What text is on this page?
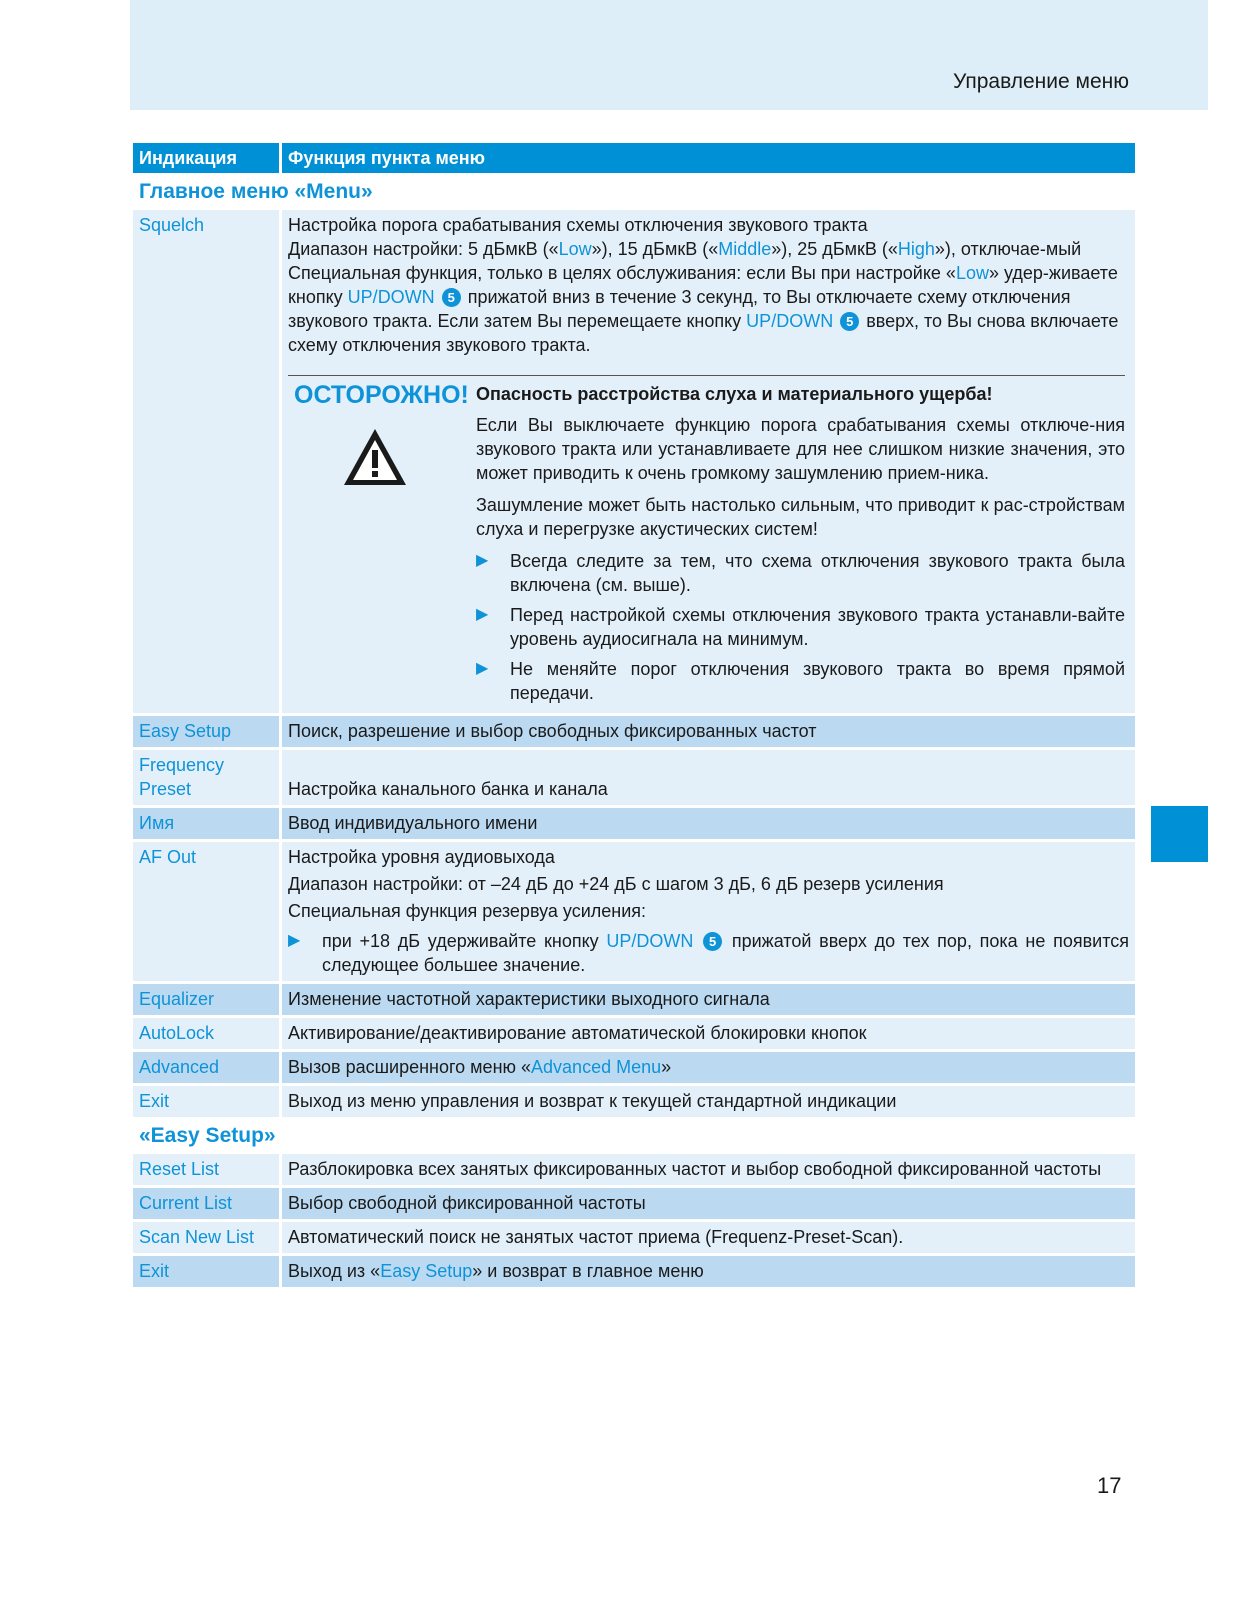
Управление меню
Индикация	Функция пункта меню
Главное меню «Menu»
Squelch	Настройка порога срабатывания схемы отключения звукового тракта
Диапазон настройки: 5 дБмкВ («Low»), 15 дБмкВ («Middle»), 25 дБмкВ («High»), отключае-мый
Специальная функция, только в целях обслуживания: если Вы при настройке «Low» удер-живаете кнопку UP/DOWN 5 прижатой вниз в течение 3 секунд, то Вы отключаете схему отключения звукового тракта. Если затем Вы перемещаете кнопку UP/DOWN 5 вверх, то Вы снова включаете схему отключения звукового тракта.
ОСТОРОЖНО! Опасность расстройства слуха и материального ущерба!

Если Вы выключаете функцию порога срабатывания схемы отключе-ния звукового тракта или устанавливаете для нее слишком низкие значения, это может приводить к очень громкому зашумлению прием-ника.

Зашумление может быть настолько сильным, что приводит к рас-стройствам слуха и перегрузке акустических систем!

▶	Всегда следите за тем, что схема отключения звукового тракта была включена (см. выше).
▶	Перед настройкой схемы отключения звукового тракта устанавли-вайте уровень аудиосигнала на минимум.
▶	Не меняйте порог отключения звукового тракта во время прямой передачи.
Easy Setup	Поиск, разрешение и выбор свободных фиксированных частот
Frequency
Preset	Настройка канального банка и канала
Имя	Ввод индивидуального имени
AF Out	Настройка уровня аудиовыхода
Диапазон настройки: от –24 дБ до +24 дБ с шагом 3 дБ, 6 дБ резерв усиления
Специальная функция резервуа усиления:
▶	при +18 дБ удерживайте кнопку UP/DOWN 5 прижатой вверх до тех пор, пока не появится следующее большее значение.
Equalizer	Изменение частотной характеристики выходного сигнала
AutoLock	Активирование/деактивирование автоматической блокировки кнопок
Advanced	Вызов расширенного меню «Advanced Menu»
Exit	Выход из меню управления и возврат к текущей стандартной индикации
«Easy Setup»
Reset List	Разблокировка всех занятых фиксированных частот и выбор свободной фиксированной частоты
Current List	Выбор свободной фиксированной частоты
Scan New List	Автоматический поиск не занятых частот приема (Frequenz-Preset-Scan).
Exit	Выход из «Easy Setup» и возврат в главное меню
17
